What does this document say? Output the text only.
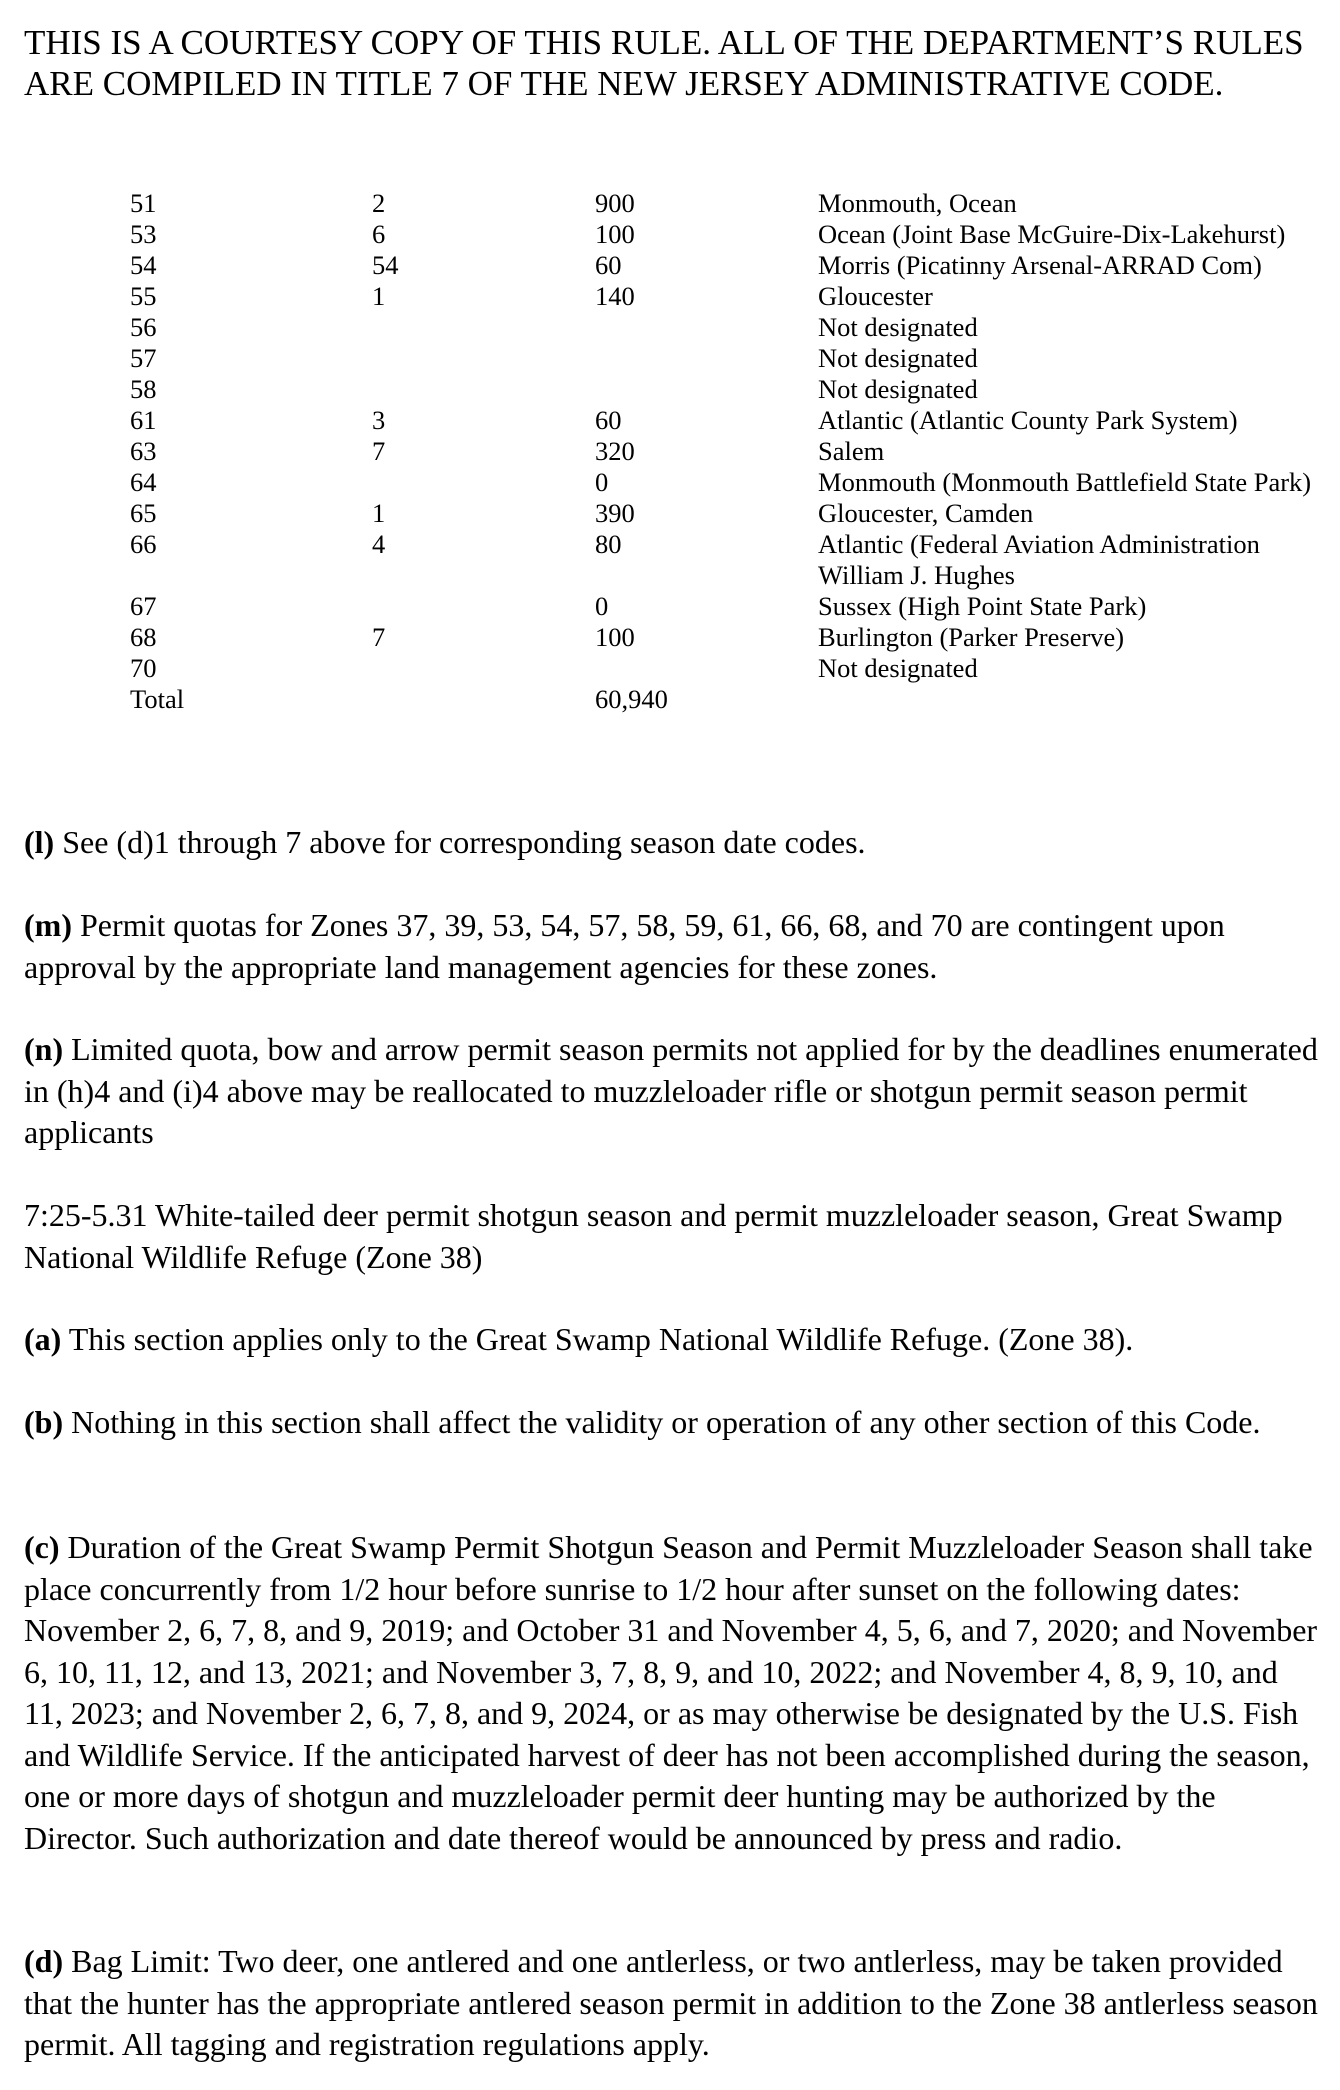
THIS IS A COURTESY COPY OF THIS RULE. ALL OF THE DEPARTMENT’S RULES ARE COMPILED IN TITLE 7 OF THE NEW JERSEY ADMINISTRATIVE CODE.

51	2	900	Monmouth, Ocean
53	6	100	Ocean (Joint Base McGuire-Dix-Lakehurst)
54	54	60	Morris (Picatinny Arsenal-ARRAD Com)
55	1	140	Gloucester
56			Not designated
57			Not designated
58			Not designated
61	3	60	Atlantic (Atlantic County Park System)
63	7	320	Salem
64		0	Monmouth (Monmouth Battlefield State Park)
65	1	390	Gloucester, Camden
66	4	80	Atlantic (Federal Aviation Administration William J. Hughes
67		0	Sussex (High Point State Park)
68	7	100	Burlington (Parker Preserve)
70			Not designated
Total		60,940	

(l) See (d)1 through 7 above for corresponding season date codes.

(m) Permit quotas for Zones 37, 39, 53, 54, 57, 58, 59, 61, 66, 68, and 70 are contingent upon approval by the appropriate land management agencies for these zones.

(n) Limited quota, bow and arrow permit season permits not applied for by the deadlines enumerated in (h)4 and (i)4 above may be reallocated to muzzleloader rifle or shotgun permit season permit applicants

7:25-5.31 White-tailed deer permit shotgun season and permit muzzleloader season, Great Swamp National Wildlife Refuge (Zone 38)

(a) This section applies only to the Great Swamp National Wildlife Refuge. (Zone 38).

(b) Nothing in this section shall affect the validity or operation of any other section of this Code.

(c) Duration of the Great Swamp Permit Shotgun Season and Permit Muzzleloader Season shall take place concurrently from 1/2 hour before sunrise to 1/2 hour after sunset on the following dates: November 2, 6, 7, 8, and 9, 2019; and October 31 and November 4, 5, 6, and 7, 2020; and November 6, 10, 11, 12, and 13, 2021; and November 3, 7, 8, 9, and 10, 2022; and November 4, 8, 9, 10, and 11, 2023; and November 2, 6, 7, 8, and 9, 2024, or as may otherwise be designated by the U.S. Fish and Wildlife Service. If the anticipated harvest of deer has not been accomplished during the season, one or more days of shotgun and muzzleloader permit deer hunting may be authorized by the Director. Such authorization and date thereof would be announced by press and radio.

(d) Bag Limit: Two deer, one antlered and one antlerless, or two antlerless, may be taken provided that the hunter has the appropriate antlered season permit in addition to the Zone 38 antlerless season permit. All tagging and registration regulations apply.
